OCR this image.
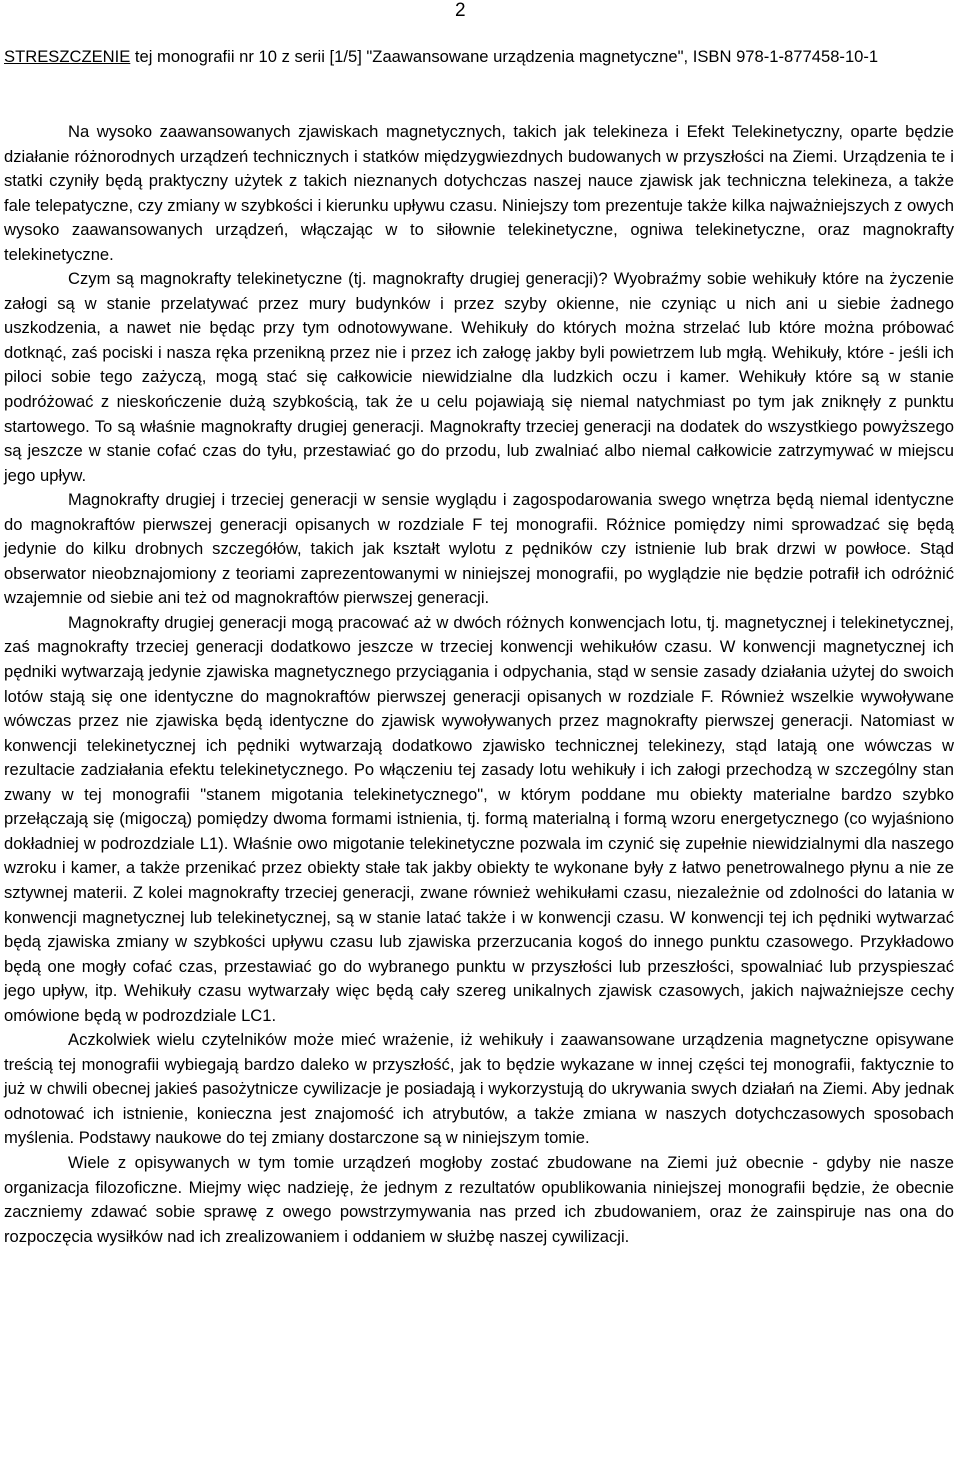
2
STRESZCZENIE tej monografii nr 10 z serii [1/5] "Zaawansowane urządzenia magnetyczne", ISBN 978-1-877458-10-1

Na wysoko zaawansowanych zjawiskach magnetycznych, takich jak telekineza i Efekt Telekinetyczny, oparte będzie działanie różnorodnych urządzeń technicznych i statków międzygwiezdnych budowanych w przyszłości na Ziemi. Urządzenia te i statki czyniły będą praktyczny użytek z takich nieznanych dotychczas naszej nauce zjawisk jak techniczna telekineza, a także fale telepatyczne, czy zmiany w szybkości i kierunku upływu czasu. Niniejszy tom prezentuje także kilka najważniejszych z owych wysoko zaawansowanych urządzeń, włączając w to siłownie telekinetyczne, ogniwa telekinetyczne, oraz magnokrafty telekinetyczne.

Czym są magnokrafty telekinetyczne (tj. magnokrafty drugiej generacji)? Wyobraźmy sobie wehikuły które na życzenie załogi są w stanie przelatywać przez mury budynków i przez szyby okienne, nie czyniąc u nich ani u siebie żadnego uszkodzenia, a nawet nie będąc przy tym odnotowywane. Wehikuły do których można strzelać lub które można próbować dotknąć, zaś pociski i nasza ręka przenikną przez nie i przez ich załogę jakby byli powietrzem lub mgłą. Wehikuły, które - jeśli ich piloci sobie tego zażyczą, mogą stać się całkowicie niewidzialne dla ludzkich oczu i kamer. Wehikuły które są w stanie podróżować z nieskończenie dużą szybkością, tak że u celu pojawiają się niemal natychmiast po tym jak zniknęły z punktu startowego. To są właśnie magnokrafty drugiej generacji. Magnokrafty trzeciej generacji na dodatek do wszystkiego powyższego są jeszcze w stanie cofać czas do tyłu, przestawiać go do przodu, lub zwalniać albo niemal całkowicie zatrzymywać w miejscu jego upływ.

Magnokrafty drugiej i trzeciej generacji w sensie wyglądu i zagospodarowania swego wnętrza będą niemal identyczne do magnokraftów pierwszej generacji opisanych w rozdziale F tej monografii. Różnice pomiędzy nimi sprowadzać się będą jedynie do kilku drobnych szczegółów, takich jak kształt wylotu z pędników czy istnienie lub brak drzwi w powłoce. Stąd obserwator nieobznajomiony z teoriami zaprezentowanymi w niniejszej monografii, po wyglądzie nie będzie potrafił ich odróżnić wzajemnie od siebie ani też od magnokraftów pierwszej generacji.

Magnokrafty drugiej generacji mogą pracować aż w dwóch różnych konwencjach lotu, tj. magnetycznej i telekinetycznej, zaś magnokrafty trzeciej generacji dodatkowo jeszcze w trzeciej konwencji wehikułów czasu. W konwencji magnetycznej ich pędniki wytwarzają jedynie zjawiska magnetycznego przyciągania i odpychania, stąd w sensie zasady działania użytej do swoich lotów stają się one identyczne do magnokraftów pierwszej generacji opisanych w rozdziale F. Również wszelkie wywoływane wówczas przez nie zjawiska będą identyczne do zjawisk wywoływanych przez magnokrafty pierwszej generacji. Natomiast w konwencji telekinetycznej ich pędniki wytwarzają dodatkowo zjawisko technicznej telekinezy, stąd latają one wówczas w rezultacie zadziałania efektu telekinetycznego. Po włączeniu tej zasady lotu wehikuły i ich załogi przechodzą w szczególny stan zwany w tej monografii "stanem migotania telekinetycznego", w którym poddane mu obiekty materialne bardzo szybko przełączają się (migoczą) pomiędzy dwoma formami istnienia, tj. formą materialną i formą wzoru energetycznego (co wyjaśniono dokładniej w podrozdziale L1). Właśnie owo migotanie telekinetyczne pozwala im czynić się zupełnie niewidzialnymi dla naszego wzroku i kamer, a także przenikać przez obiekty stałe tak jakby obiekty te wykonane były z łatwo penetrowalnego płynu a nie ze sztywnej materii. Z kolei magnokrafty trzeciej generacji, zwane również wehikułami czasu, niezależnie od zdolności do latania w konwencji magnetycznej lub telekinetycznej, są w stanie latać także i w konwencji czasu. W konwencji tej ich pędniki wytwarzać będą zjawiska zmiany w szybkości upływu czasu lub zjawiska przerzucania kogoś do innego punktu czasowego. Przykładowo będą one mogły cofać czas, przestawiać go do wybranego punktu w przyszłości lub przeszłości, spowalniać lub przyspieszać jego upływ, itp. Wehikuły czasu wytwarzały więc będą cały szereg unikalnych zjawisk czasowych, jakich najważniejsze cechy omówione będą w podrozdziale LC1.

Aczkolwiek wielu czytelników może mieć wrażenie, iż wehikuły i zaawansowane urządzenia magnetyczne opisywane treścią tej monografii wybiegają bardzo daleko w przyszłość, jak to będzie wykazane w innej części tej monografii, faktycznie to już w chwili obecnej jakieś pasożytnicze cywilizacje je posiadają i wykorzystują do ukrywania swych działań na Ziemi. Aby jednak odnotować ich istnienie, konieczna jest znajomość ich atrybutów, a także zmiana w naszych dotychczasowych sposobach myślenia. Podstawy naukowe do tej zmiany dostarczone są w niniejszym tomie.

Wiele z opisywanych w tym tomie urządzeń mogłoby zostać zbudowane na Ziemi już obecnie - gdyby nie nasze organizacja filozoficzne. Miejmy więc nadzieję, że jednym z rezultatów opublikowania niniejszej monografii będzie, że obecnie zaczniemy zdawać sobie sprawę z owego powstrzymywania nas przed ich zbudowaniem, oraz że zainspiruje nas ona do rozpoczęcia wysiłków nad ich zrealizowaniem i oddaniem w służbę naszej cywilizacji.
